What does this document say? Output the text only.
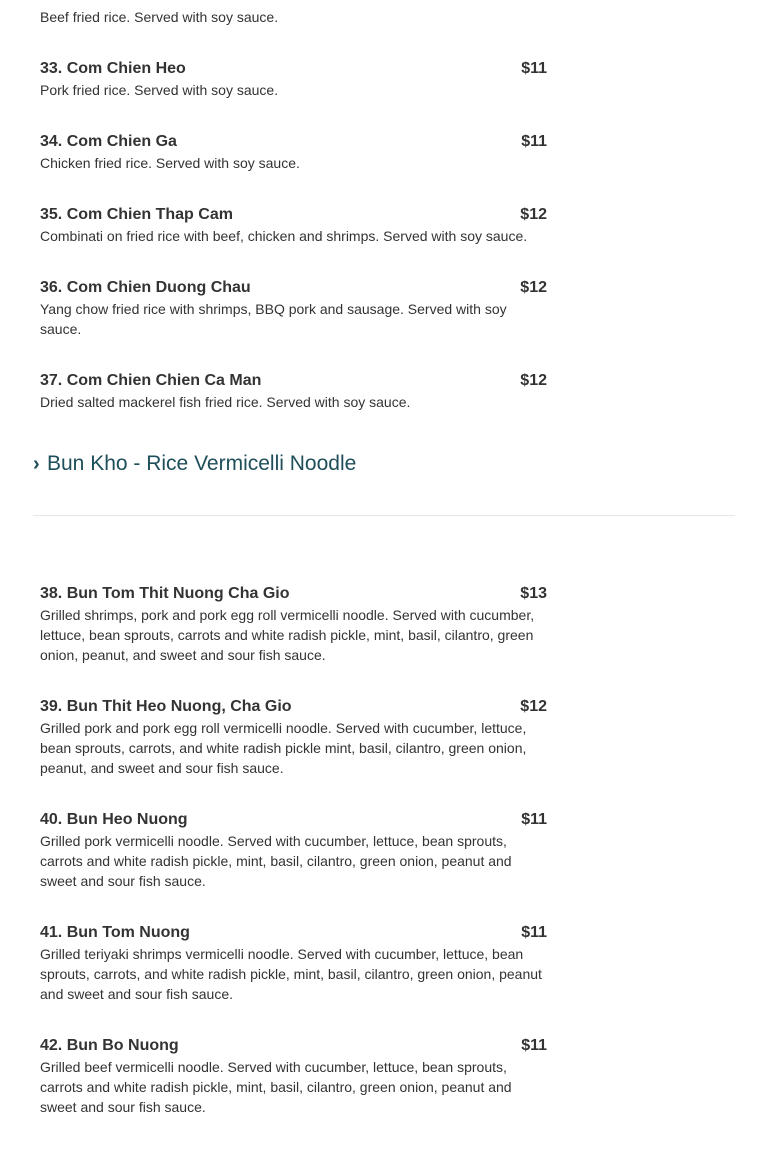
Beef fried rice. Served with soy sauce.
33. Com Chien Heo	$11
Pork fried rice. Served with soy sauce.
34. Com Chien Ga	$11
Chicken fried rice. Served with soy sauce.
35. Com Chien Thap Cam	$12
Combinati on fried rice with beef, chicken and shrimps. Served with soy sauce.
36. Com Chien Duong Chau	$12
Yang chow fried rice with shrimps, BBQ pork and sausage. Served with soy sauce.
37. Com Chien Chien Ca Man	$12
Dried salted mackerel fish fried rice. Served with soy sauce.
› Bun Kho - Rice Vermicelli Noodle
38. Bun Tom Thit Nuong Cha Gio	$13
Grilled shrimps, pork and pork egg roll vermicelli noodle. Served with cucumber, lettuce, bean sprouts, carrots and white radish pickle, mint, basil, cilantro, green onion, peanut, and sweet and sour fish sauce.
39. Bun Thit Heo Nuong, Cha Gio	$12
Grilled pork and pork egg roll vermicelli noodle. Served with cucumber, lettuce, bean sprouts, carrots, and white radish pickle mint, basil, cilantro, green onion, peanut, and sweet and sour fish sauce.
40. Bun Heo Nuong	$11
Grilled pork vermicelli noodle. Served with cucumber, lettuce, bean sprouts, carrots and white radish pickle, mint, basil, cilantro, green onion, peanut and sweet and sour fish sauce.
41. Bun Tom Nuong	$11
Grilled teriyaki shrimps vermicelli noodle. Served with cucumber, lettuce, bean sprouts, carrots, and white radish pickle, mint, basil, cilantro, green onion, peanut and sweet and sour fish sauce.
42. Bun Bo Nuong	$11
Grilled beef vermicelli noodle. Served with cucumber, lettuce, bean sprouts, carrots and white radish pickle, mint, basil, cilantro, green onion, peanut and sweet and sour fish sauce.
